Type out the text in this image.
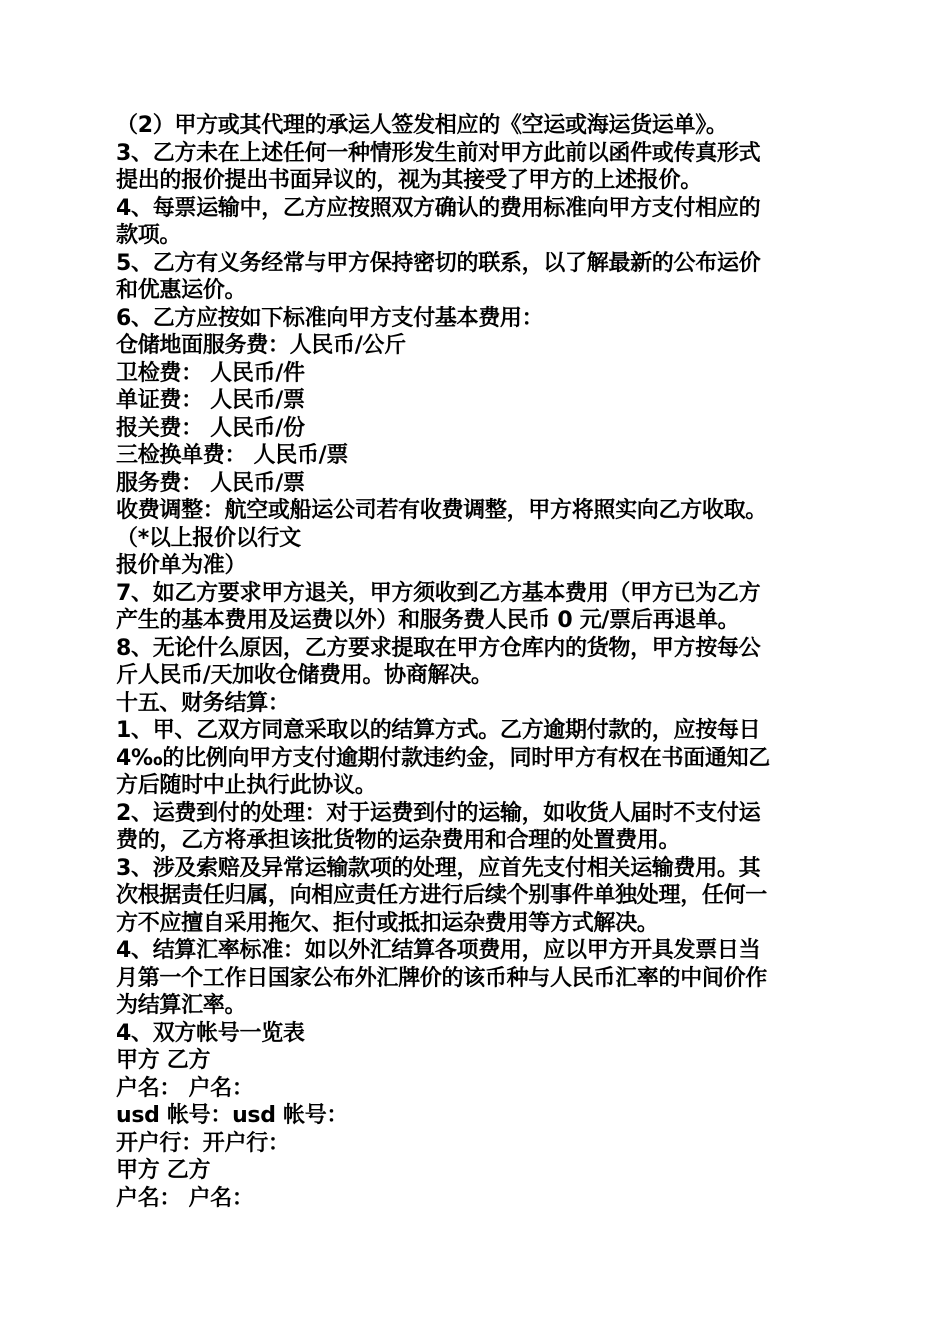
（2）甲方或其代理的承运人签发相应的《空运或海运货运单》。
3、乙方未在上述任何一种情形发生前对甲方此前以函件或传真形式
提出的报价提出书面异议的，视为其接受了甲方的上述报价。
4、每票运输中，乙方应按照双方确认的费用标准向甲方支付相应的
款项。
5、乙方有义务经常与甲方保持密切的联系，以了解最新的公布运价
和优惠运价。
6、乙方应按如下标准向甲方支付基本费用：
仓储地面服务费：人民币/公斤
卫检费： 人民币/件
单证费： 人民币/票
报关费： 人民币/份
三检换单费： 人民币/票
服务费： 人民币/票
收费调整：航空或船运公司若有收费调整，甲方将照实向乙方收取。
（*以上报价以行文
报价单为准）
7、如乙方要求甲方退关，甲方须收到乙方基本费用（甲方已为乙方
产生的基本费用及运费以外）和服务费人民币 0 元/票后再退单。
8、无论什么原因，乙方要求提取在甲方仓库内的货物，甲方按每公
斤人民币/天加收仓储费用。协商解决。
十五、财务结算：
1、甲、乙双方同意采取以的结算方式。乙方逾期付款的，应按每日
4‰的比例向甲方支付逾期付款违约金，同时甲方有权在书面通知乙
方后随时中止执行此协议。
2、运费到付的处理：对于运费到付的运输，如收货人届时不支付运
费的，乙方将承担该批货物的运杂费用和合理的处置费用。
3、涉及索赔及异常运输款项的处理，应首先支付相关运输费用。其
次根据责任归属，向相应责任方进行后续个别事件单独处理，任何一
方不应擅自采用拖欠、拒付或抵扣运杂费用等方式解决。
4、结算汇率标准：如以外汇结算各项费用，应以甲方开具发票日当
月第一个工作日国家公布外汇牌价的该币种与人民币汇率的中间价作
为结算汇率。
4、双方帐号一览表
甲方 乙方
户名： 户名：
usd 帐号：usd 帐号：
开户行：开户行：
甲方 乙方
户名： 户名：
